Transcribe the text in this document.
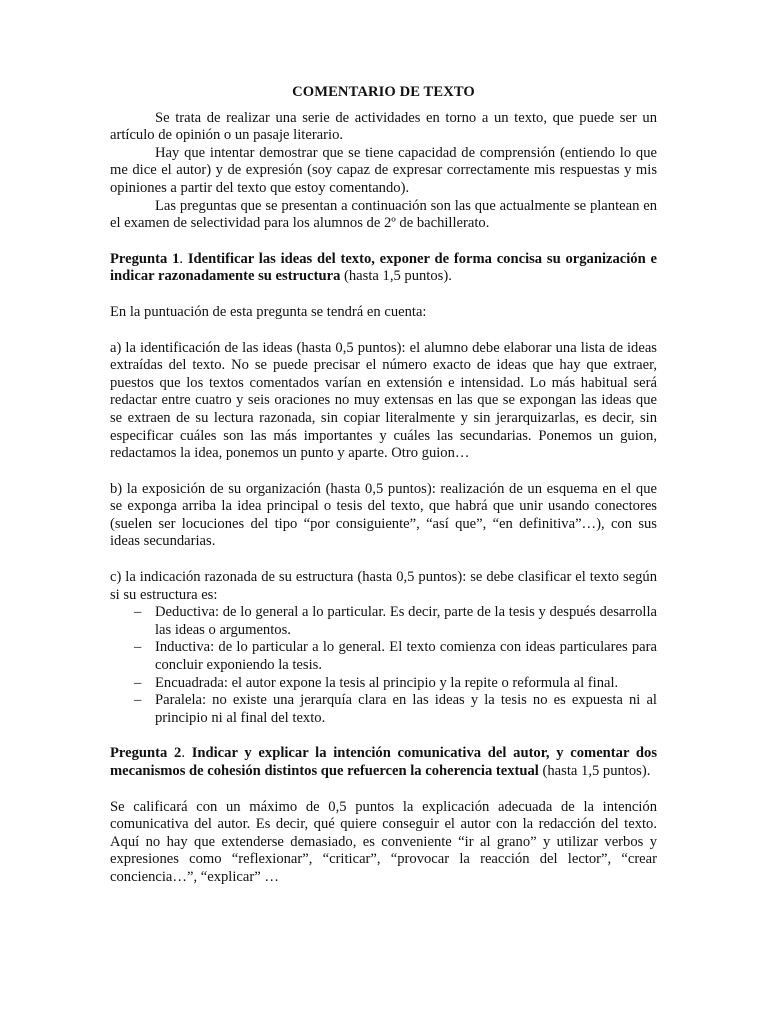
COMENTARIO DE TEXTO

Se trata de realizar una serie de actividades en torno a un texto, que puede ser un artículo de opinión o un pasaje literario.

Hay que intentar demostrar que se tiene capacidad de comprensión (entiendo lo que me dice el autor) y de expresión (soy capaz de expresar correctamente mis respuestas y mis opiniones a partir del texto que estoy comentando).

Las preguntas que se presentan a continuación son las que actualmente se plantean en el examen de selectividad para los alumnos de 2º de bachillerato.

Pregunta 1. Identificar las ideas del texto, exponer de forma concisa su organización e indicar razonadamente su estructura (hasta 1,5 puntos).

En la puntuación de esta pregunta se tendrá en cuenta:

a) la identificación de las ideas (hasta 0,5 puntos): el alumno debe elaborar una lista de ideas extraídas del texto. No se puede precisar el número exacto de ideas que hay que extraer, puestos que los textos comentados varían en extensión e intensidad. Lo más habitual será redactar entre cuatro y seis oraciones no muy extensas en las que se expongan las ideas que se extraen de su lectura razonada, sin copiar literalmente y sin jerarquizarlas, es decir, sin especificar cuáles son las más importantes y cuáles las secundarias. Ponemos un guion, redactamos la idea, ponemos un punto y aparte. Otro guion…

b) la exposición de su organización (hasta 0,5 puntos): realización de un esquema en el que se exponga arriba la idea principal o tesis del texto, que habrá que unir usando conectores (suelen ser locuciones del tipo “por consiguiente”, “así que”, “en definitiva”…), con sus ideas secundarias.

c) la indicación razonada de su estructura (hasta 0,5 puntos): se debe clasificar el texto según si su estructura es:

– Deductiva: de lo general a lo particular. Es decir, parte de la tesis y después desarrolla las ideas o argumentos.
– Inductiva: de lo particular a lo general. El texto comienza con ideas particulares para concluir exponiendo la tesis.
– Encuadrada: el autor expone la tesis al principio y la repite o reformula al final.
– Paralela: no existe una jerarquía clara en las ideas y la tesis no es expuesta ni al principio ni al final del texto.

Pregunta 2. Indicar y explicar la intención comunicativa del autor, y comentar dos mecanismos de cohesión distintos que refuercen la coherencia textual (hasta 1,5 puntos).

Se calificará con un máximo de 0,5 puntos la explicación adecuada de la intención comunicativa del autor. Es decir, qué quiere conseguir el autor con la redacción del texto. Aquí no hay que extenderse demasiado, es conveniente “ir al grano” y utilizar verbos y expresiones como “reflexionar”, “criticar”, “provocar la reacción del lector”, “crear conciencia…”, “explicar” …
